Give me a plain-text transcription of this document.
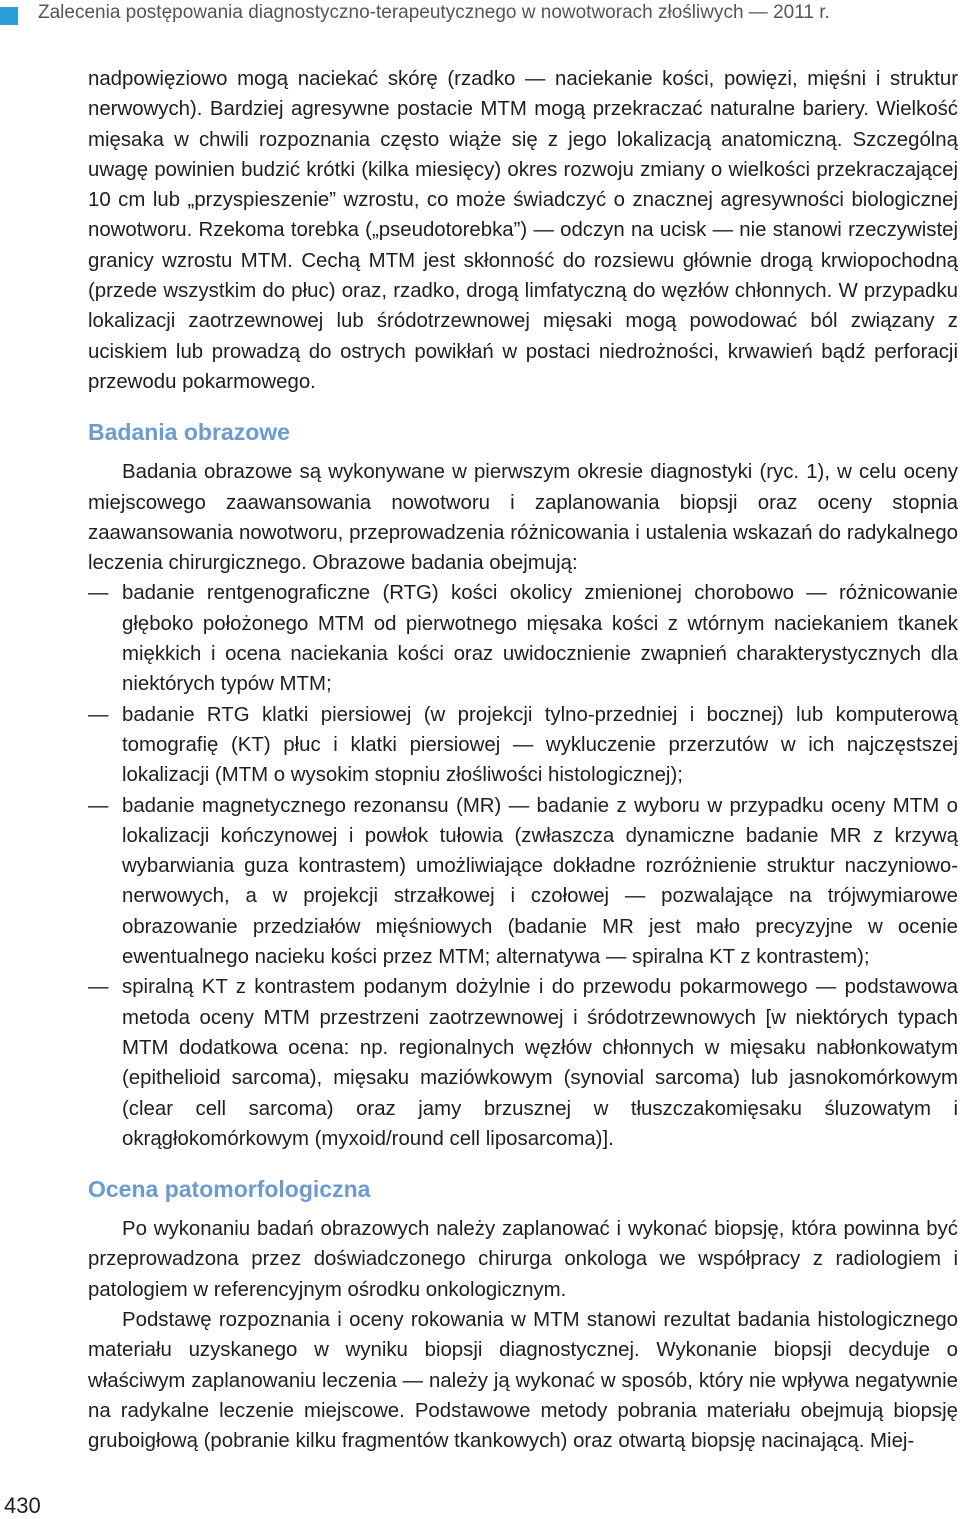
Zalecenia postępowania diagnostyczno-terapeutycznego w nowotworach złośliwych — 2011 r.

nadpowięziowo mogą naciekać skórę (rzadko — naciekanie kości, powięzi, mięśni i struktur nerwowych). Bardziej agresywne postacie MTM mogą przekraczać naturalne bariery. Wielkość mięsaka w chwili rozpoznania często wiąże się z jego lokalizacją anatomiczną. Szczególną uwagę powinien budzić krótki (kilka miesięcy) okres rozwoju zmiany o wielkości przekraczającej 10 cm lub „przyspieszenie” wzrostu, co może świadczyć o znacznej agresywności biologicznej nowotworu. Rzekoma torebka („pseudotorebka”) — odczyn na ucisk — nie stanowi rzeczywistej granicy wzrostu MTM. Cechą MTM jest skłonność do rozsiewu głównie drogą krwiopochodną (przede wszystkim do płuc) oraz, rzadko, drogą limfatyczną do węzłów chłonnych. W przypadku lokalizacji zaotrzewnowej lub śródotrzewnowej mięsaki mogą powodować ból związany z uciskiem lub prowadzą do ostrych powikłań w postaci niedrożności, krwawień bądź perforacji przewodu pokarmowego.

Badania obrazowe

Badania obrazowe są wykonywane w pierwszym okresie diagnostyki (ryc. 1), w celu oceny miejscowego zaawansowania nowotworu i zaplanowania biopsji oraz oceny stopnia zaawansowania nowotworu, przeprowadzenia różnicowania i ustalenia wskazań do radykalnego leczenia chirurgicznego. Obrazowe badania obejmują:

— badanie rentgenograficzne (RTG) kości okolicy zmienionej chorobowo — różnicowanie głęboko położonego MTM od pierwotnego mięsaka kości z wtórnym naciekaniem tkanek miękkich i ocena naciekania kości oraz uwidocznienie zwapnień charakterystycznych dla niektórych typów MTM;
— badanie RTG klatki piersiowej (w projekcji tylno-przedniej i bocznej) lub komputerową tomografię (KT) płuc i klatki piersiowej — wykluczenie przerzutów w ich najczęstszej lokalizacji (MTM o wysokim stopniu złośliwości histologicznej);
— badanie magnetycznego rezonansu (MR) — badanie z wyboru w przypadku oceny MTM o lokalizacji kończynowej i powłok tułowia (zwłaszcza dynamiczne badanie MR z krzywą wybarwiania guza kontrastem) umożliwiające dokładne rozróżnienie struktur naczyniowo-nerwowych, a w projekcji strzałkowej i czołowej — pozwalające na trójwymiarowe obrazowanie przedziałów mięśniowych (badanie MR jest mało precyzyjne w ocenie ewentualnego nacieku kości przez MTM; alternatywa — spiralna KT z kontrastem);
— spiralną KT z kontrastem podanym dożylnie i do przewodu pokarmowego — podstawowa metoda oceny MTM przestrzeni zaotrzewnowej i śródotrzewnowych [w niektórych typach MTM dodatkowa ocena: np. regionalnych węzłów chłonnych w mięsaku nabłonkowatym (epithelioid sarcoma), mięsaku maziówkowym (synovial sarcoma) lub jasnokomórkowym (clear cell sarcoma) oraz jamy brzusznej w tłuszczakomięsaku śluzowatym i okrągłokomórkowym (myxoid/round cell liposarcoma)].
Ocena patomorfologiczna

Po wykonaniu badań obrazowych należy zaplanować i wykonać biopsję, która powinna być przeprowadzona przez doświadczonego chirurga onkologa we współpracy z radiologiem i patologiem w referencyjnym ośrodku onkologicznym.

Podstawę rozpoznania i oceny rokowania w MTM stanowi rezultat badania histologicznego materiału uzyskanego w wyniku biopsji diagnostycznej. Wykonanie biopsji decyduje o właściwym zaplanowaniu leczenia — należy ją wykonać w sposób, który nie wpływa negatywnie na radykalne leczenie miejscowe. Podstawowe metody pobrania materiału obejmują biopsję gruboigłową (pobranie kilku fragmentów tkankowych) oraz otwartą biopsję nacinającą. Miej-

430
